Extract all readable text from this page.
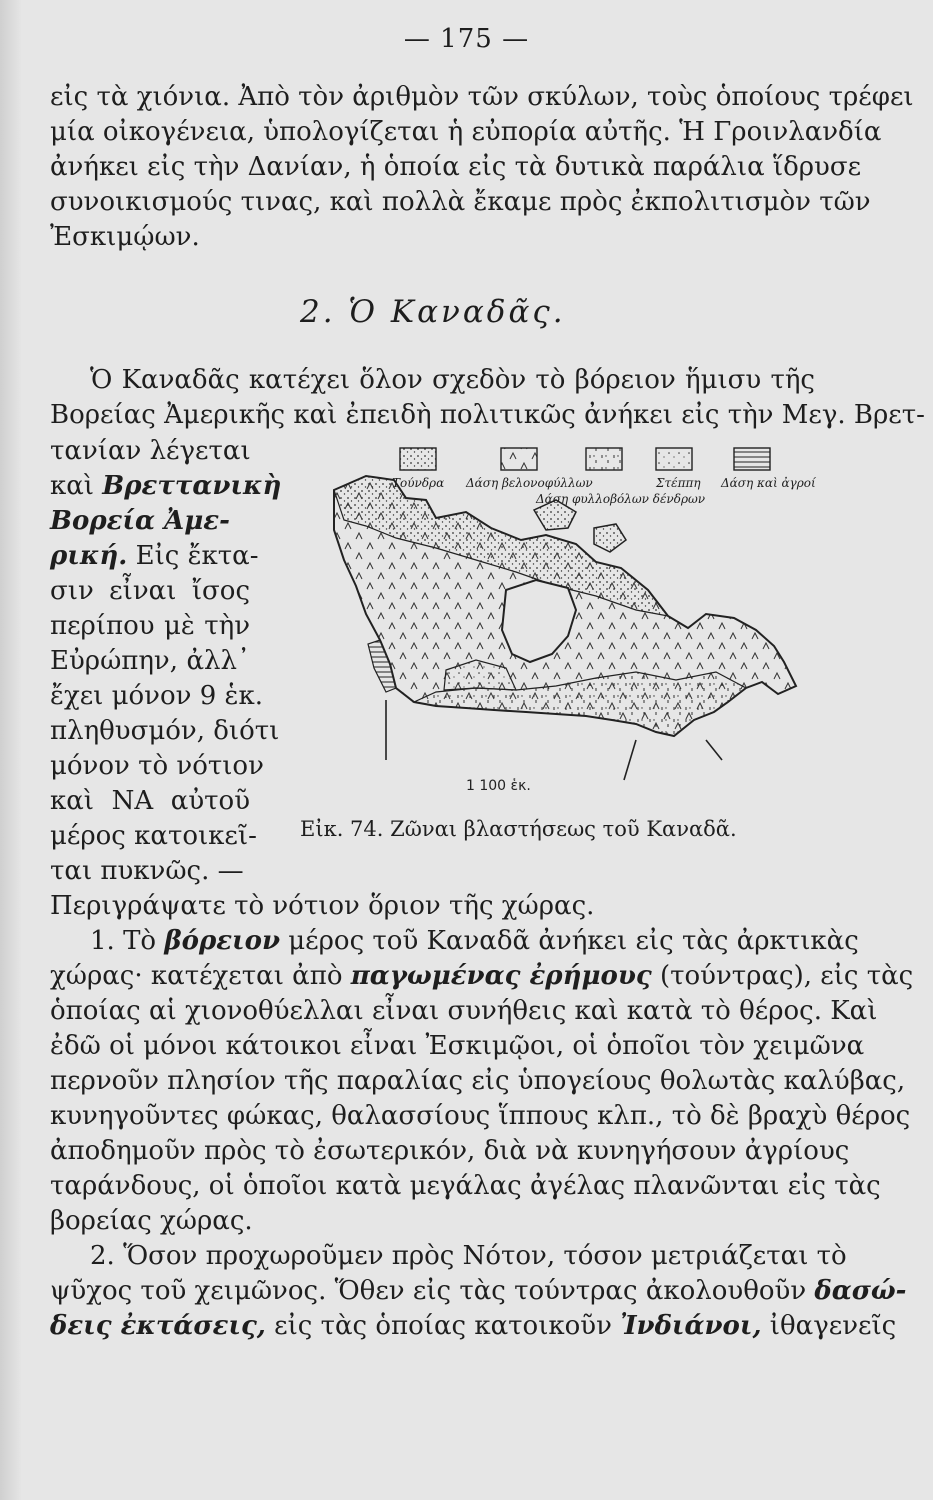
— 175 —
εἰς τὰ χιόνια. Ἀπὸ τὸν ἀριθμὸν τῶν σκύλων, τοὺς ὁποίους τρέφει
μία οἰκογένεια, ὑπολογίζεται ἡ εὐπορία αὐτῆς. Ἡ Γροινλανδία
ἀνήκει εἰς τὴν Δανίαν, ἡ ὁποία εἰς τὰ δυτικὰ παράλια ἵδρυσε
συνοικισμούς τινας, καὶ πολλὰ ἔκαμε πρὸς ἐκπολιτισμὸν τῶν
Ἐσκιμῴων.
2. Ὁ Καναδᾶς.
Ὁ Καναδᾶς κατέχει ὅλον σχεδὸν τὸ βόρειον ἥμισυ τῆς
Βορείας Ἀμερικῆς καὶ ἐπειδὴ πολιτικῶς ἀνήκει εἰς τὴν Μεγ. Βρετ-
τανίαν λέγεται
καὶ Βρεττανικὴ
Βορεία Ἀμε-
ρική. Εἰς ἔκτα-
σιν εἶναι ἴσος
περίπου μὲ τὴν
Εὐρώπην, ἀλλ᾿
ἔχει μόνον 9 ἑκ.
πληθυσμόν, διότι
μόνον τὸ νότιον
καὶ ΝΑ αὐτοῦ
μέρος κατοικεῖ-
ται πυκνῶς. —
1 100 ἑκ.
Τούνδρα Δάση βελονοφύλλων
Δάση φυλλοβόλων δένδρων
Στέππη Δάση καὶ ἀγροί
Εἰκ. 74. Ζῶναι βλαστήσεως τοῦ Καναδᾶ.
Περιγράψατε τὸ νότιον ὅριον τῆς χώρας.
1. Τὸ βόρειον μέρος τοῦ Καναδᾶ ἀνήκει εἰς τὰς ἀρκτικὰς
χώρας· κατέχεται ἀπὸ παγωμένας ἐρήμους (τούντρας), εἰς τὰς
ὁποίας αἱ χιονοθύελλαι εἶναι συνήθεις καὶ κατὰ τὸ θέρος. Καὶ
ἐδῶ οἱ μόνοι κάτοικοι εἶναι Ἐσκιμῷοι, οἱ ὁποῖοι τὸν χειμῶνα
περνοῦν πλησίον τῆς παραλίας εἰς ὑπογείους θολωτὰς καλύβας,
κυνηγοῦντες φώκας, θαλασσίους ἵππους κλπ., τὸ δὲ βραχὺ θέρος
ἀποδημοῦν πρὸς τὸ ἐσωτερικόν, διὰ νὰ κυνηγήσουν ἀγρίους
ταράνδους, οἱ ὁποῖοι κατὰ μεγάλας ἀγέλας πλανῶνται εἰς τὰς
βορείας χώρας.
2. Ὅσον προχωροῦμεν πρὸς Νότον, τόσον μετριάζεται τὸ
ψῦχος τοῦ χειμῶνος. Ὅθεν εἰς τὰς τούντρας ἀκολουθοῦν δασώ-
δεις ἐκτάσεις, εἰς τὰς ὁποίας κατοικοῦν Ἰνδιάνοι, ἰθαγενεῖς
